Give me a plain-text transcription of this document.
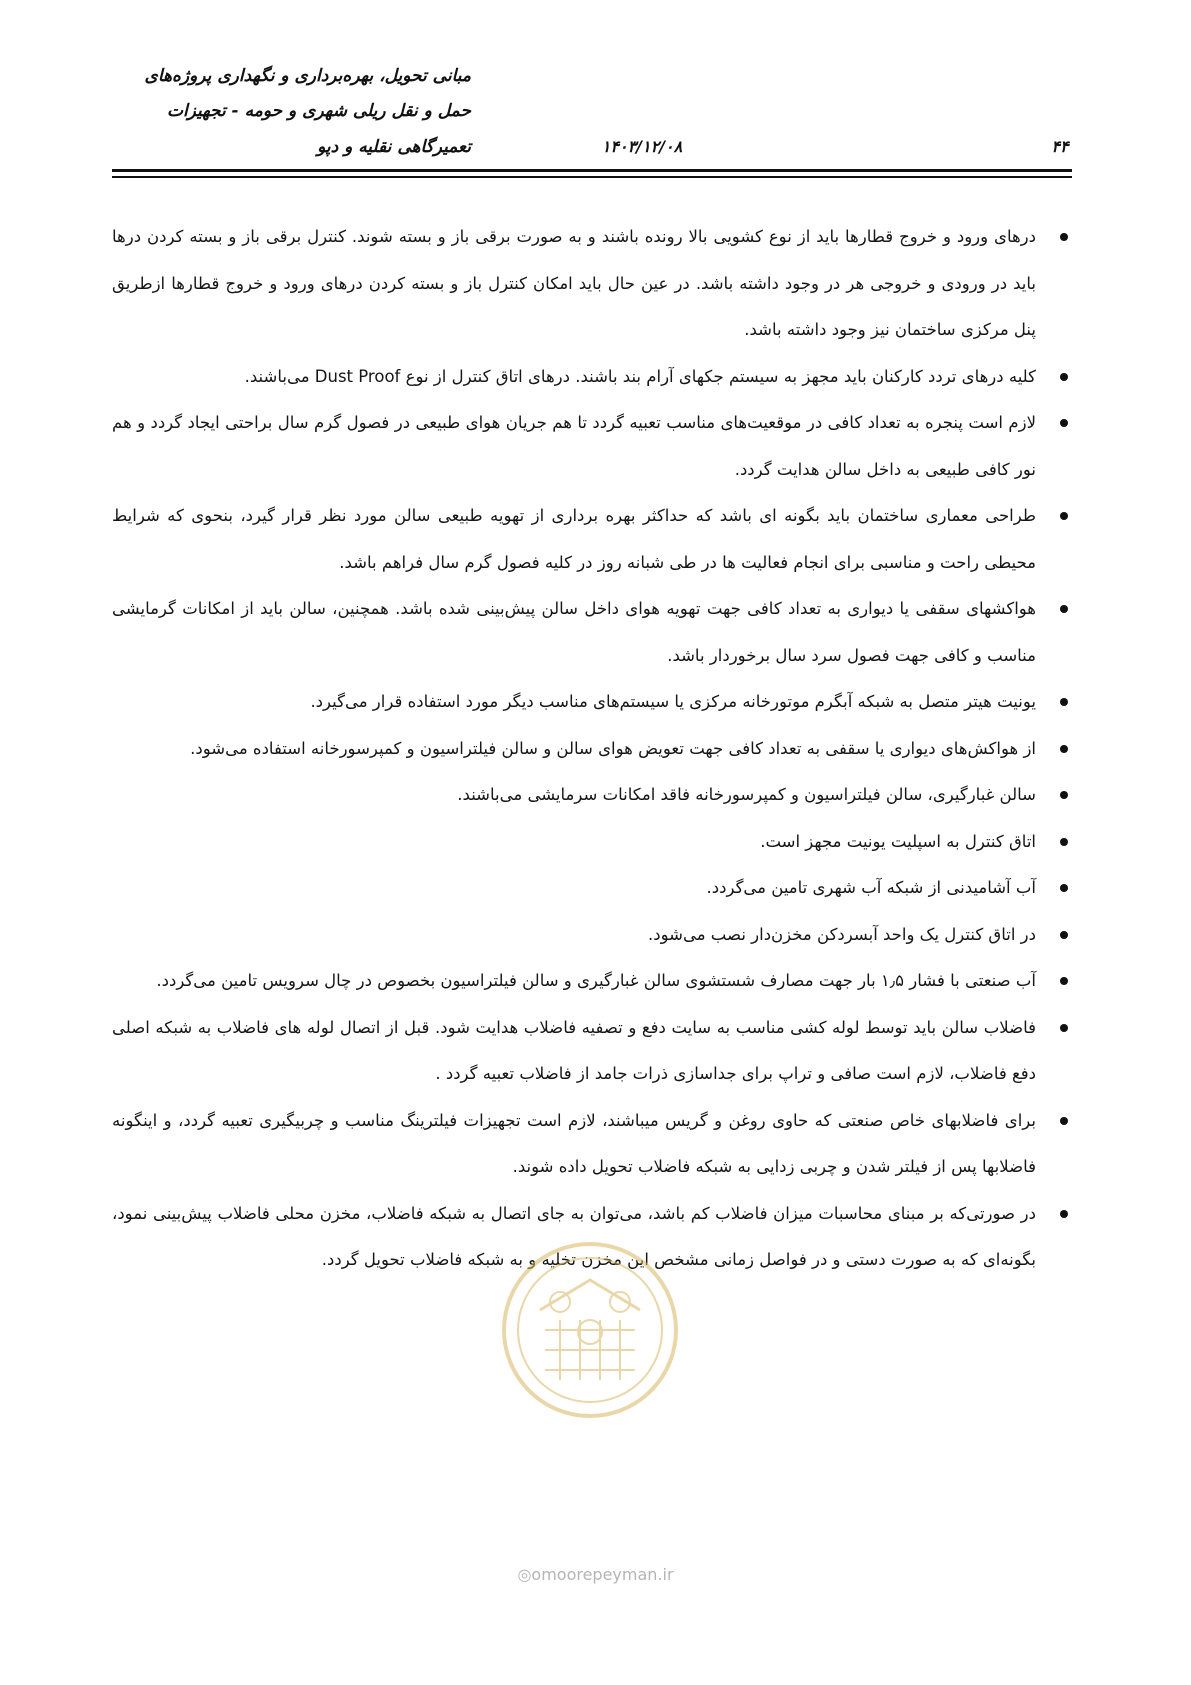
مبانی تحویل، بهره‌برداری و نگهداری پروژه‌های
حمل و نقل ریلی شهری و حومه - تجهیزات
تعمیرگاهی نقلیه و دپو	۱۴۰۳/۱۲/۰۸	۴۴
درهای ورود و خروج قطارها باید از نوع کشویی بالا رونده باشند و به صورت برقی باز و بسته شوند. کنترل برقی باز و بسته کردن درها باید در ورودی و خروجی هر در وجود داشته باشد. در عین حال باید امکان کنترل باز و بسته کردن درهای ورود و خروج قطارها ازطریق پنل مرکزی ساختمان نیز وجود داشته باشد.
کلیه درهای تردد کارکنان باید مجهز به سیستم جکهای آرام بند باشند. درهای اتاق کنترل از نوع Dust Proof می‌باشند.
لازم است پنجره به تعداد کافی در موقعیت‌های مناسب تعبیه گردد تا هم جریان هوای طبیعی در فصول گرم سال براحتی ایجاد گردد و هم نور کافی طبیعی به داخل سالن هدایت گردد.
طراحی معماری ساختمان باید بگونه ای باشد که حداکثر بهره برداری از تهویه طبیعی سالن مورد نظر قرار گیرد، بنحوی که شرایط محیطی راحت و مناسبی برای انجام فعالیت ها در طی شبانه روز در کلیه فصول گرم سال فراهم باشد.
هواکشهای سقفی یا دیواری به تعداد کافی جهت تهویه هوای داخل سالن پیش‌بینی شده باشد. همچنین، سالن باید از امکانات گرمایشی مناسب و کافی جهت فصول سرد سال برخوردار باشد.
یونیت هیتر متصل به شبکه آبگرم موتورخانه مرکزی یا سیستم‌های مناسب دیگر مورد استفاده قرار می‌گیرد.
از هواکش‌های دیواری یا سقفی به تعداد کافی جهت تعویض هوای سالن و سالن فیلتراسیون و کمپرسورخانه استفاده می‌شود.
سالن غبارگیری، سالن فیلتراسیون و کمپرسورخانه فاقد امکانات سرمایشی می‌باشند.
اتاق کنترل به اسپلیت یونیت مجهز است.
آب آشامیدنی از شبکه آب شهری تامین می‌گردد.
در اتاق کنترل یک واحد آبسردکن مخزن‌دار نصب می‌شود.
آب صنعتی با فشار ۱٫۵ بار جهت مصارف شستشوی سالن غبارگیری و سالن فیلتراسیون بخصوص در چال سرویس تامین می‌گردد.
فاضلاب سالن باید توسط لوله کشی مناسب به سایت دفع و تصفیه فاضلاب هدایت شود. قبل از اتصال لوله های فاضلاب به شبکه اصلی دفع فاضلاب، لازم است صافی و تراپ برای جداسازی ذرات جامد از فاضلاب تعبیه گردد .
برای فاضلابهای خاص صنعتی که حاوی روغن و گریس میباشند، لازم است تجهیزات فیلترینگ مناسب و چربیگیری تعبیه گردد، و اینگونه فاضلابها پس از فیلتر شدن و چربی زدایی به شبکه فاضلاب تحویل داده شوند.
در صورتی‌که بر مبنای محاسبات میزان فاضلاب کم باشد، می‌توان به جای اتصال به شبکه فاضلاب، مخزن محلی فاضلاب پیش‌بینی نمود، بگونه‌ای که به صورت دستی و در فواصل زمانی مشخص این مخزن تخلیه و به شبکه فاضلاب تحویل گردد.
◎omoorepeyman.ir
